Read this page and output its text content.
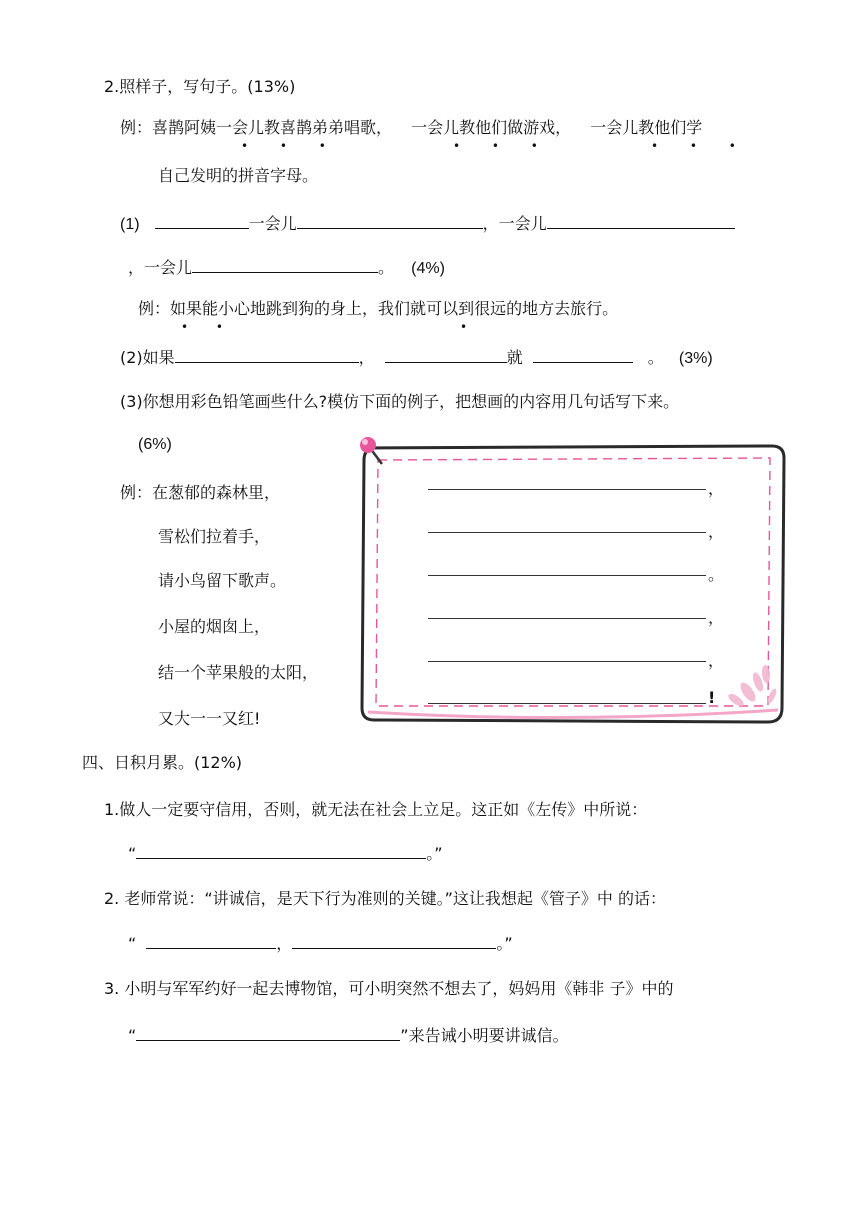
2.照样子，写句子。(13%)
例：喜鹊阿姨一会儿教喜鹊弟弟唱歌， 一会儿教他们做游戏， 一会儿教他们学
• • •	• • •	• • •
自己发明的拼音字母。
(1)	一会儿	，一会儿
，一会儿	。 (4%)
例：如果能小心地跳到狗的身上，我们就可以到很远的地方去旅行。
• •	•
(2)如果	，	就	。 (3%)
(3)你想用彩色铅笔画些什么?模仿下面的例子，把想画的内容用几句话写下来。
(6%)
例：在葱郁的森林里，
雪松们拉着手，
请小鸟留下歌声。
小屋的烟囱上，
结一个苹果般的太阳，
又大一一又红!
，
，
。
，
，
!
四、日积月累。(12%)
1.做人一定要守信用，否则，就无法在社会上立足。这正如《左传》中所说：
“	。”
2. 老师常说：“讲诚信，是天下行为准则的关键。”这让我想起《管子》中 的话：
“	，	。”
3. 小明与军军约好一起去博物馆，可小明突然不想去了，妈妈用《韩非 子》中的
“	”来告诫小明要讲诚信。
